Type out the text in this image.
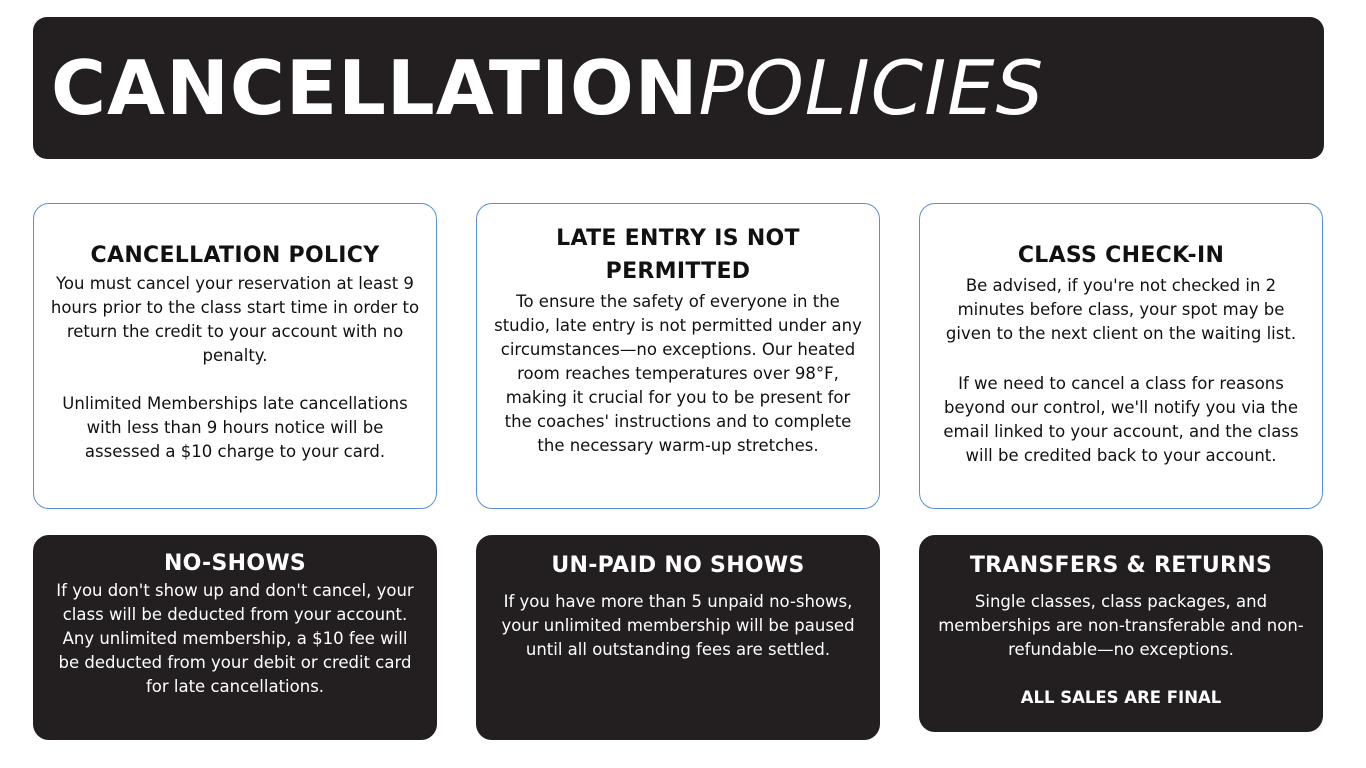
CANCELLATIONPOLICIES
CANCELLATION POLICY

You must cancel your reservation at least 9 hours prior to the class start time in order to return the credit to your account with no penalty.

Unlimited Memberships late cancellations with less than 9 hours notice will be assessed a $10 charge to your card.

LATE ENTRY IS NOT PERMITTED

To ensure the safety of everyone in the studio, late entry is not permitted under any circumstances—no exceptions. Our heated room reaches temperatures over 98°F, making it crucial for you to be present for the coaches' instructions and to complete the necessary warm-up stretches.

CLASS CHECK-IN

Be advised, if you're not checked in 2 minutes before class, your spot may be given to the next client on the waiting list.

If we need to cancel a class for reasons beyond our control, we'll notify you via the email linked to your account, and the class will be credited back to your account.

NO-SHOWS

If you don't show up and don't cancel, your class will be deducted from your account.

Any unlimited membership, a $10 fee will be deducted from your debit or credit card for late cancellations.

UN-PAID NO SHOWS

If you have more than 5 unpaid no-shows, your unlimited membership will be paused until all outstanding fees are settled.

TRANSFERS & RETURNS

Single classes, class packages, and memberships are non-transferable and non-refundable—no exceptions.

ALL SALES ARE FINAL
